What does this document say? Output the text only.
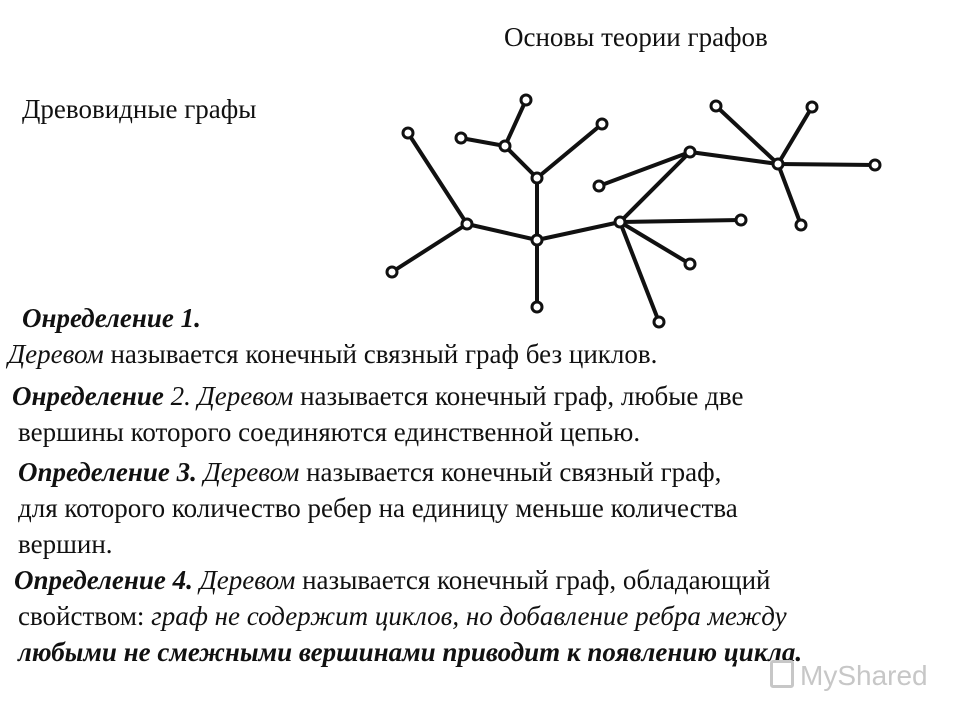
Основы теории графов
Древовидные графы
Онределение 1.
Деревом называется конечный связный граф без циклов.
Онределение 2. Деревом называется конечный граф, любые две
вершины которого соединяются единственной цепью.
Определение 3. Деревом называется конечный связный граф,
для которого количество ребер на единицу меньше количества
вершин.
Определение 4. Деревом называется конечный граф, обладающий
свойством: граф не содержит циклов, но добавление ребра между
любыми не смежными вершинами приводит к появлению цикла.
MyShared
